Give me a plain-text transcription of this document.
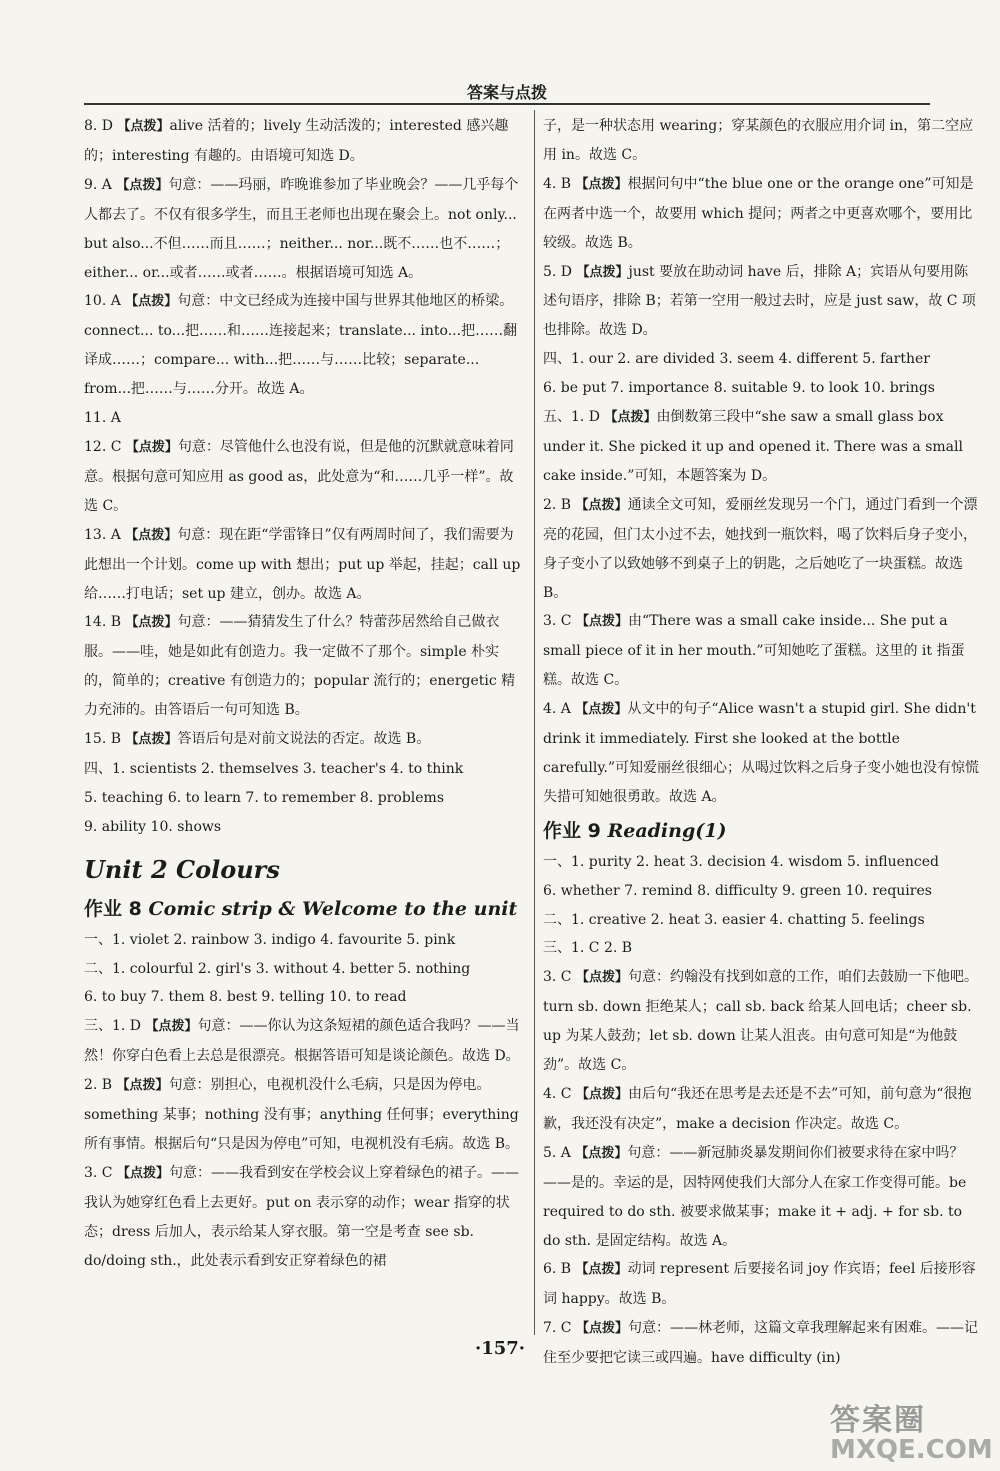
答案与点拨

8. D 【点拨】alive 活着的；lively 生动活泼的；interested 感兴趣的；interesting 有趣的。由语境可知选 D。

9. A 【点拨】句意：——玛丽，昨晚谁参加了毕业晚会？——几乎每个人都去了。不仅有很多学生，而且王老师也出现在聚会上。not only... but also...不但……而且……；neither... nor...既不……也不……；either... or...或者……或者……。根据语境可知选 A。

10. A 【点拨】句意：中文已经成为连接中国与世界其他地区的桥梁。connect... to...把……和……连接起来；translate... into...把……翻译成……；compare... with...把……与……比较；separate... from...把……与……分开。故选 A。

11. A

12. C 【点拨】句意：尽管他什么也没有说，但是他的沉默就意味着同意。根据句意可知应用 as good as，此处意为“和……几乎一样”。故选 C。

13. A 【点拨】句意：现在距“学雷锋日”仅有两周时间了，我们需要为此想出一个计划。come up with 想出；put up 举起，挂起；call up 给……打电话；set up 建立，创办。故选 A。

14. B 【点拨】句意：——猜猜发生了什么？特蕾莎居然给自己做衣服。——哇，她是如此有创造力。我一定做不了那个。simple 朴实的，简单的；creative 有创造力的；popular 流行的；energetic 精力充沛的。由答语后一句可知选 B。

15. B 【点拨】答语后句是对前文说法的否定。故选 B。

四、1. scientists 2. themselves 3. teacher's 4. to think

5. teaching 6. to learn 7. to remember 8. problems

9. ability 10. shows

Unit 2 Colours
作业 8 Comic strip & Welcome to the unit

一、1. violet 2. rainbow 3. indigo 4. favourite 5. pink

二、1. colourful 2. girl's 3. without 4. better 5. nothing

6. to buy 7. them 8. best 9. telling 10. to read

三、1. D 【点拨】句意：——你认为这条短裙的颜色适合我吗？——当然！你穿白色看上去总是很漂亮。根据答语可知是谈论颜色。故选 D。

2. B 【点拨】句意：别担心，电视机没什么毛病，只是因为停电。something 某事；nothing 没有事；anything 任何事；everything 所有事情。根据后句“只是因为停电”可知，电视机没有毛病。故选 B。

3. C 【点拨】句意：——我看到安在学校会议上穿着绿色的裙子。——我认为她穿红色看上去更好。put on 表示穿的动作；wear 指穿的状态；dress 后加人，表示给某人穿衣服。第一空是考查 see sb. do/doing sth.，此处表示看到安正穿着绿色的裙

子，是一种状态用 wearing；穿某颜色的衣服应用介词 in，第二空应用 in。故选 C。

4. B 【点拨】根据问句中“the blue one or the orange one”可知是在两者中选一个，故要用 which 提问；两者之中更喜欢哪个，要用比较级。故选 B。

5. D 【点拨】just 要放在助动词 have 后，排除 A；宾语从句要用陈述句语序，排除 B；若第一空用一般过去时，应是 just saw，故 C 项也排除。故选 D。

四、1. our 2. are divided 3. seem 4. different 5. farther

6. be put 7. importance 8. suitable 9. to look 10. brings

五、1. D 【点拨】由倒数第三段中“she saw a small glass box under it. She picked it up and opened it. There was a small cake inside.”可知，本题答案为 D。

2. B 【点拨】通读全文可知，爱丽丝发现另一个门，通过门看到一个漂亮的花园，但门太小过不去，她找到一瓶饮料，喝了饮料后身子变小，身子变小了以致她够不到桌子上的钥匙，之后她吃了一块蛋糕。故选 B。

3. C 【点拨】由“There was a small cake inside... She put a small piece of it in her mouth.”可知她吃了蛋糕。这里的 it 指蛋糕。故选 C。

4. A 【点拨】从文中的句子“Alice wasn't a stupid girl. She didn't drink it immediately. First she looked at the bottle carefully.”可知爱丽丝很细心；从喝过饮料之后身子变小她也没有惊慌失措可知她很勇敢。故选 A。

作业 9 Reading(1)

一、1. purity 2. heat 3. decision 4. wisdom 5. influenced

6. whether 7. remind 8. difficulty 9. green 10. requires

二、1. creative 2. heat 3. easier 4. chatting 5. feelings

三、1. C 2. B

3. C 【点拨】句意：约翰没有找到如意的工作，咱们去鼓励一下他吧。turn sb. down 拒绝某人；call sb. back 给某人回电话；cheer sb. up 为某人鼓劲；let sb. down 让某人沮丧。由句意可知是“为他鼓劲”。故选 C。

4. C 【点拨】由后句“我还在思考是去还是不去”可知，前句意为“很抱歉，我还没有决定”，make a decision 作决定。故选 C。

5. A 【点拨】句意：——新冠肺炎暴发期间你们被要求待在家中吗？——是的。幸运的是，因特网使我们大部分人在家工作变得可能。be required to do sth. 被要求做某事；make it + adj. + for sb. to do sth. 是固定结构。故选 A。

6. B 【点拨】动词 represent 后要接名词 joy 作宾语；feel 后接形容词 happy。故选 B。

7. C 【点拨】句意：——林老师，这篇文章我理解起来有困难。——记住至少要把它读三或四遍。have difficulty (in)

·157·
答案圈
MXQE.COM
